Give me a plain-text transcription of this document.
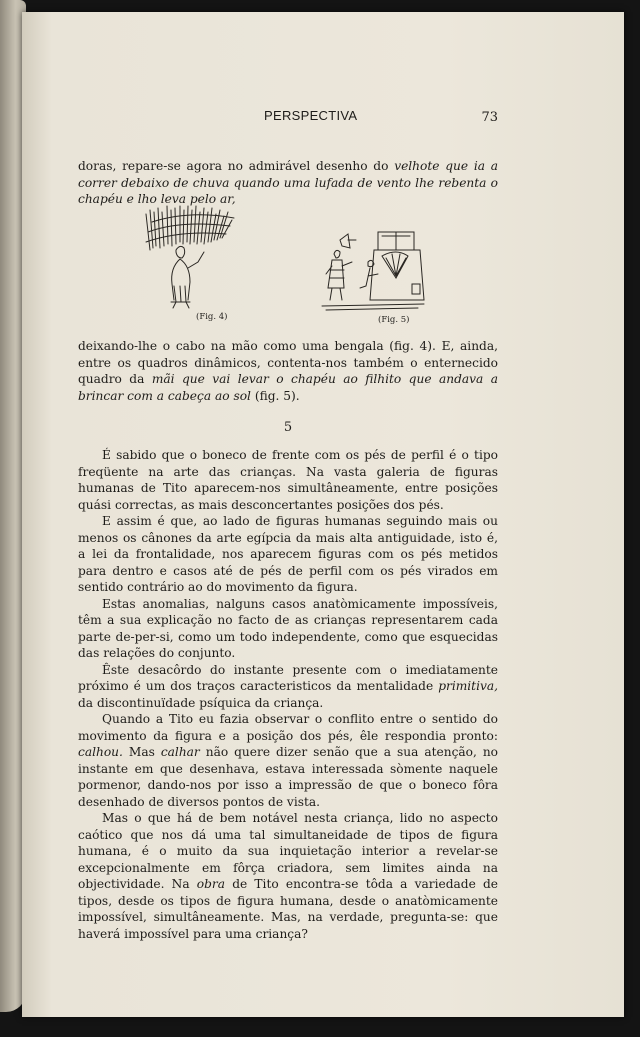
PERSPECTIVA	73

doras, repare-se agora no admirável desenho do velhote que ia a correr debaixo de chuva quando uma lufada de vento lhe rebenta o chapéu e lho leva pelo ar,

(Fig. 4)	(Fig. 5)

deixando-lhe o cabo na mão como uma bengala (fig. 4). E, ainda, entre os quadros dinâmicos, contenta-nos também o enternecido quadro da mãi que vai levar o chapéu ao filhito que andava a brincar com a cabeça ao sol (fig. 5).

5

É sabido que o boneco de frente com os pés de perfil é o tipo freqüente na arte das crianças. Na vasta galeria de figuras humanas de Tito aparecem-nos simultâneamente, entre posições quási correctas, as mais desconcertantes posições dos pés.

E assim é que, ao lado de figuras humanas seguindo mais ou menos os cânones da arte egípcia da mais alta antiguidade, isto é, a lei da frontalidade, nos aparecem figuras com os pés metidos para dentro e casos até de pés de perfil com os pés virados em sentido contrário ao do movimento da figura.

Estas anomalias, nalguns casos anatòmicamente impossíveis, têm a sua explicação no facto de as crianças representarem cada parte de-per-si, como um todo independente, como que esquecidas das relações do conjunto.

Êste desacôrdo do instante presente com o imediatamente próximo é um dos traços caracteristicos da mentalidade primitiva, da discontinuïdade psíquica da criança.

Quando a Tito eu fazia observar o conflito entre o sentido do movimento da figura e a posição dos pés, êle respondia pronto: calhou. Mas calhar não quere dizer senão que a sua atenção, no instante em que desenhava, estava interessada sòmente naquele pormenor, dando-nos por isso a impressão de que o boneco fôra desenhado de diversos pontos de vista.

Mas o que há de bem notável nesta criança, lido no aspecto caótico que nos dá uma tal simultaneidade de tipos de figura humana, é o muito da sua inquietação interior a revelar-se excepcionalmente em fôrça criadora, sem limites ainda na objectividade. Na obra de Tito encontra-se tôda a variedade de tipos, desde os tipos de figura humana, desde o anatòmicamente impossível, simultâneamente. Mas, na verdade, pregunta-se: que haverá impossível para uma criança?
